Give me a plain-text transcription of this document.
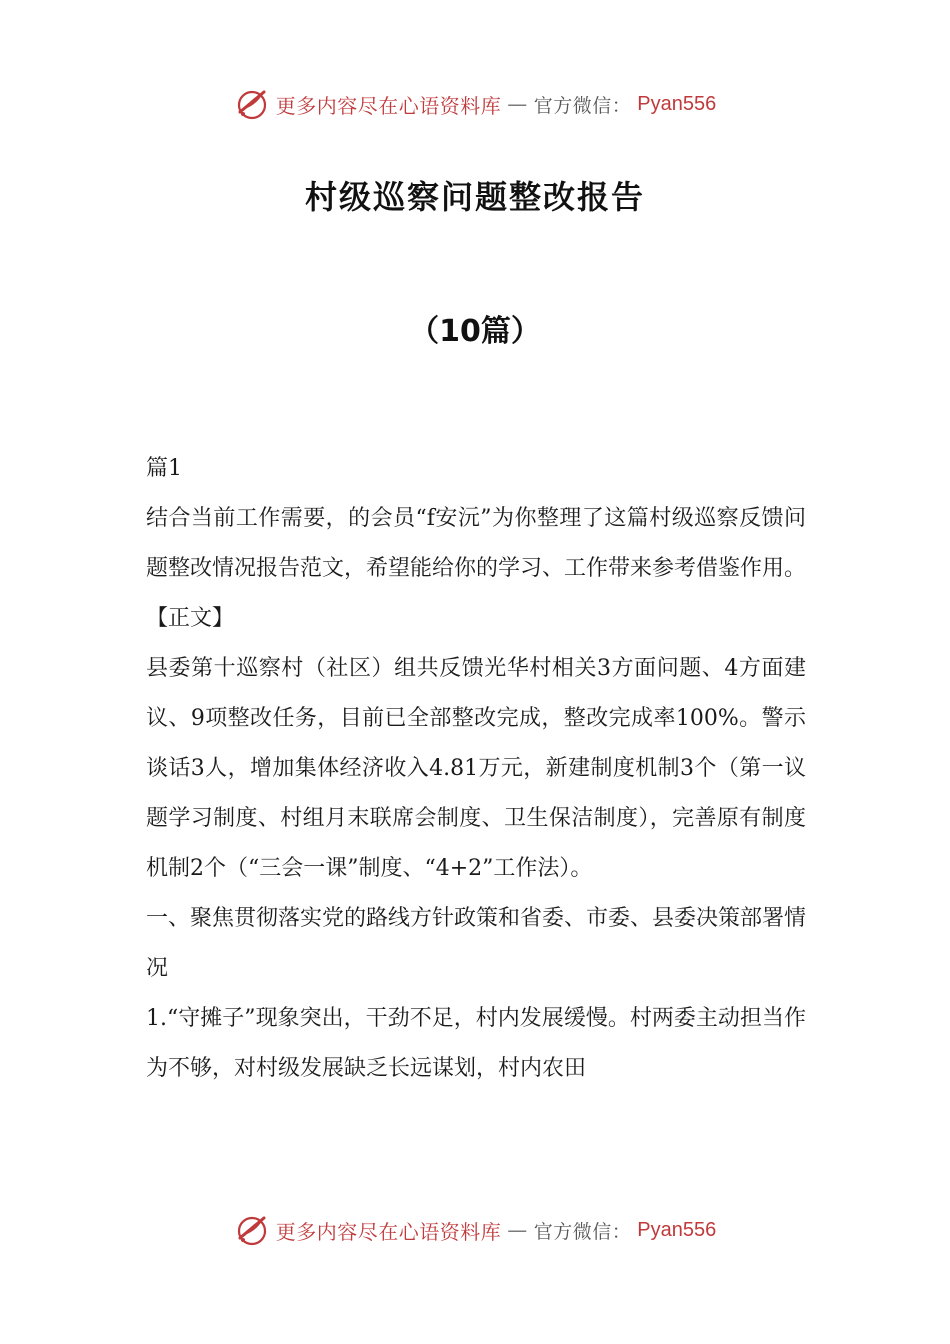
更多内容尽在心语资料库 — 官方微信： Pyan556
村级巡察问题整改报告
（10篇）

篇1

结合当前工作需要，的会员“f安沅”为你整理了这篇村级巡察反馈问题整改情况报告范文，希望能给你的学习、工作带来参考借鉴作用。

【正文】

县委第十巡察村（社区）组共反馈光华村相关3方面问题、4方面建议、9项整改任务，目前已全部整改完成，整改完成率100%。警示谈话3人，增加集体经济收入4.81万元，新建制度机制3个（第一议题学习制度、村组月末联席会制度、卫生保洁制度），完善原有制度机制2个（“三会一课”制度、“4+2”工作法）。

一、聚焦贯彻落实党的路线方针政策和省委、市委、县委决策部署情况

1.“守摊子”现象突出，干劲不足，村内发展缓慢。村两委主动担当作为不够，对村级发展缺乏长远谋划，村内农田

更多内容尽在心语资料库 — 官方微信： Pyan556
